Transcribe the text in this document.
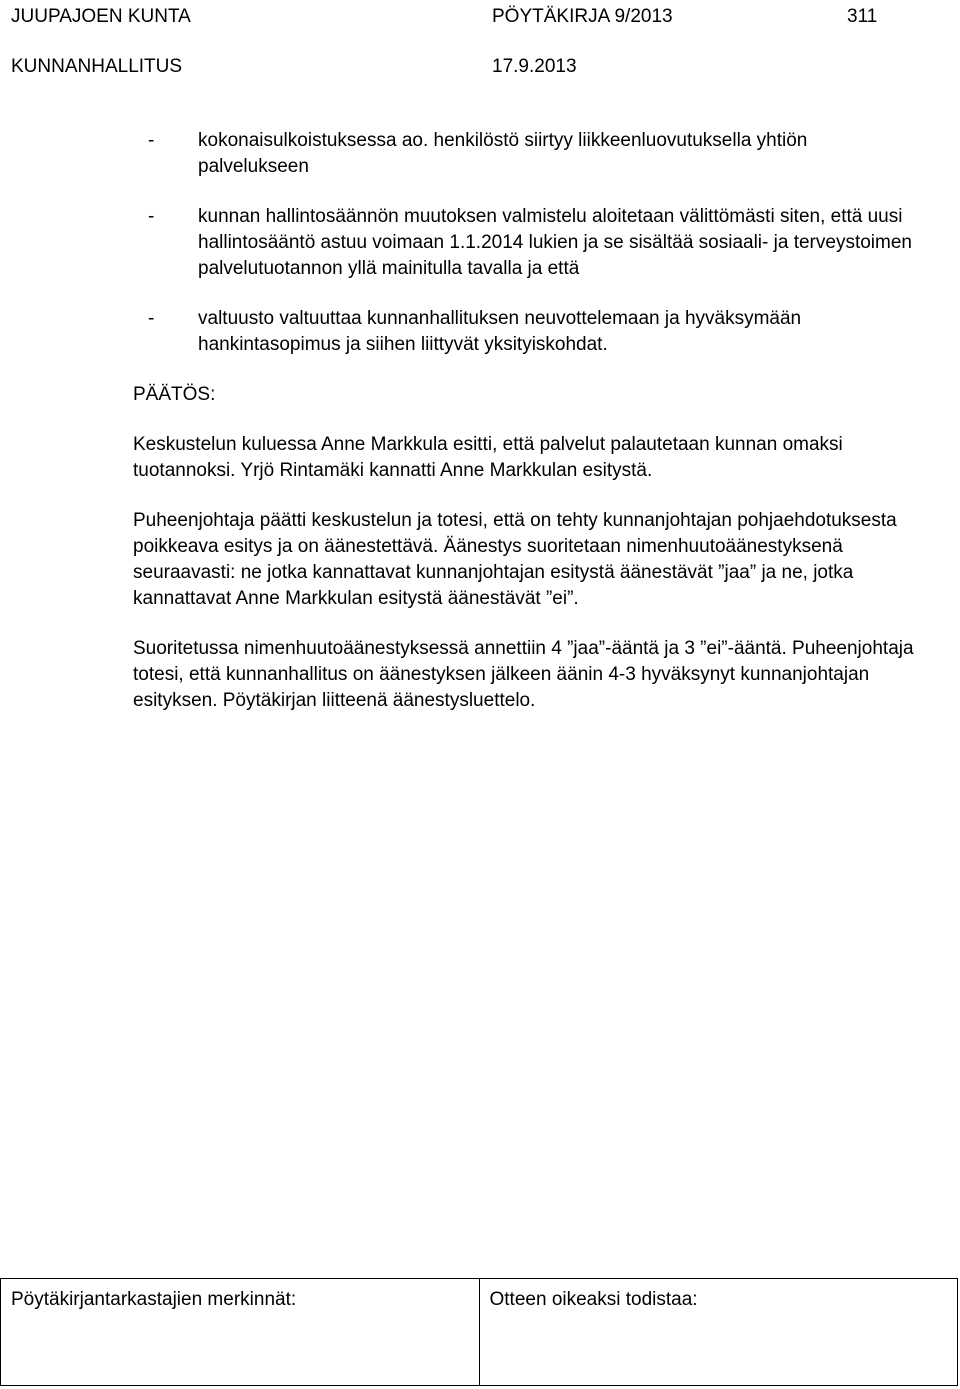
JUUPAJOEN KUNTA	PÖYTÄKIRJA 9/2013	311
KUNNANHALLITUS	17.9.2013
- kokonaisulkoistuksessa ao. henkilöstö siirtyy liikkeenluovutuksella yhtiön palvelukseen
- kunnan hallintosäännön muutoksen valmistelu aloitetaan välittömästi siten, että uusi hallintosääntö astuu voimaan 1.1.2014 lukien ja se sisältää sosiaali- ja terveystoimen palvelutuotannon yllä mainitulla tavalla ja että
- valtuusto valtuuttaa kunnanhallituksen neuvottelemaan ja hyväksymään hankintasopimus ja siihen liittyvät yksityiskohdat.
PÄÄTÖS:
Keskustelun kuluessa Anne Markkula esitti, että palvelut palautetaan kunnan omaksi tuotannoksi. Yrjö Rintamäki kannatti Anne Markkulan esitystä.
Puheenjohtaja päätti keskustelun ja totesi, että on tehty kunnanjohtajan pohjaehdotuksesta poikkeava esitys ja on äänestettävä. Äänestys suoritetaan nimenhuutoäänestyksenä seuraavasti: ne jotka kannattavat kunnanjohtajan esitystä äänestävät ”jaa” ja ne, jotka kannattavat Anne Markkulan esitystä äänestävät ”ei”.
Suoritetussa nimenhuutoäänestyksessä annettiin 4 ”jaa”-ääntä ja 3 ”ei”-ääntä. Puheenjohtaja totesi, että kunnanhallitus on äänestyksen jälkeen äänin 4-3 hyväksynyt kunnanjohtajan esityksen. Pöytäkirjan liitteenä äänestysluettelo.
Pöytäkirjantarkastajien merkinnät:	Otteen oikeaksi todistaa:
